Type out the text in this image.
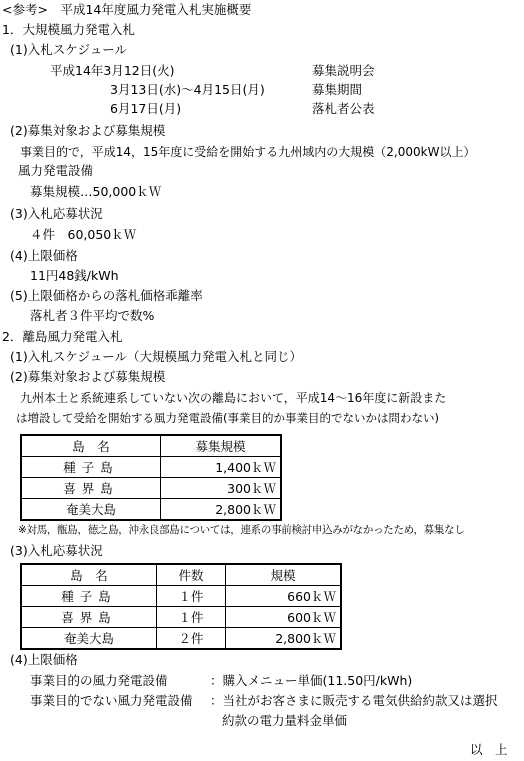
<参考>　平成14年度風力発電入札実施概要
1．大規模風力発電入札
(1)入札スケジュール
平成14年3月12日(火)	募集説明会
3月13日(水)～4月15日(月)	募集期間
6月17日(月)	落札者公表
(2)募集対象および募集規模
事業目的で，平成14，15年度に受給を開始する九州域内の大規模（2,000kW以上）
風力発電設備
募集規模…50,000ｋＷ
(3)入札応募状況
４件　60,050ｋＷ
(4)上限価格
11円48銭/kWh
(5)上限価格からの落札価格乖離率
落札者３件平均で数%
2．離島風力発電入札
(1)入札スケジュール（大規模風力発電入札と同じ）
(2)募集対象および募集規模
九州本土と系統連系していない次の離島において，平成14～16年度に新設また
は増設して受給を開始する風力発電設備(事業目的か事業目的でないかは問わない)
島　名	募集規模
種子島	1,400ｋＷ
喜界島	300ｋＷ
奄美大島	2,800ｋＷ
※対馬，甑島，徳之島，沖永良部島については，連系の事前検討申込みがなかったため，募集なし
(3)入札応募状況
島　名	件数	規模
種子島	１件	660ｋＷ
喜界島	１件	600ｋＷ
奄美大島	２件	2,800ｋＷ
(4)上限価格
事業目的の風力発電設備	：購入メニュー単価(11.50円/kWh)
事業目的でない風力発電設備 ：当社がお客さまに販売する電気供給約款又は選択
約款の電力量料金単価
以　上
